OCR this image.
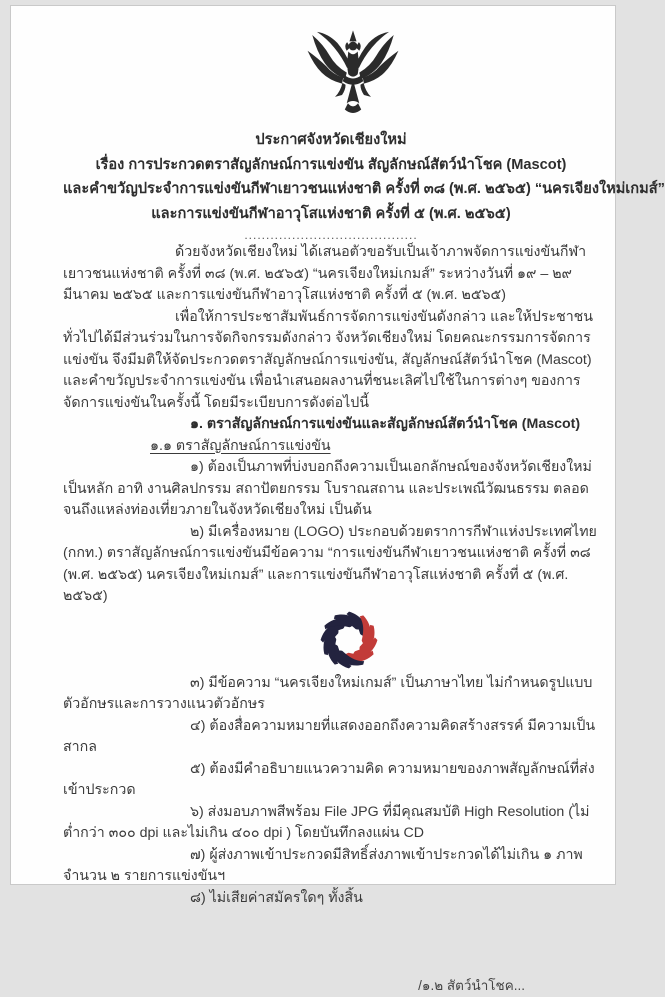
ประกาศจังหวัดเชียงใหม่
เรื่อง การประกวดตราสัญลักษณ์การแข่งขัน สัญลักษณ์สัตว์นำโชค (Mascot)
และคำขวัญประจำการแข่งขันกีฬาเยาวชนแห่งชาติ ครั้งที่ ๓๘ (พ.ศ. ๒๕๖๕) “นครเจียงใหม่เกมส์”
และการแข่งขันกีฬาอาวุโสแห่งชาติ ครั้งที่ ๕ (พ.ศ. ๒๕๖๕)
........................................

ด้วยจังหวัดเชียงใหม่ ได้เสนอตัวขอรับเป็นเจ้าภาพจัดการแข่งขันกีฬาเยาวชนแห่งชาติ ครั้งที่ ๓๘ (พ.ศ. ๒๕๖๕) “นครเจียงใหม่เกมส์” ระหว่างวันที่ ๑๙ – ๒๙ มีนาคม ๒๕๖๕ และการแข่งขันกีฬาอาวุโสแห่งชาติ ครั้งที่ ๕ (พ.ศ. ๒๕๖๕)

เพื่อให้การประชาสัมพันธ์การจัดการแข่งขันดังกล่าว และให้ประชาชนทั่วไปได้มีส่วนร่วมในการจัดกิจกรรมดังกล่าว จังหวัดเชียงใหม่ โดยคณะกรรมการจัดการแข่งขัน จึงมีมติให้จัดประกวดตราสัญลักษณ์การแข่งขัน, สัญลักษณ์สัตว์นำโชค (Mascot) และคำขวัญประจำการแข่งขัน เพื่อนำเสนอผลงานที่ชนะเลิศไปใช้ในการต่างๆ ของการจัดการแข่งขันในครั้งนี้ โดยมีระเบียบการดังต่อไปนี้

๑. ตราสัญลักษณ์การแข่งขันและสัญลักษณ์สัตว์นำโชค (Mascot)

๑.๑ ตราสัญลักษณ์การแข่งขัน

๑) ต้องเป็นภาพที่บ่งบอกถึงความเป็นเอกลักษณ์ของจังหวัดเชียงใหม่เป็นหลัก อาทิ งานศิลปกรรม สถาปัตยกรรม โบราณสถาน และประเพณีวัฒนธรรม ตลอดจนถึงแหล่งท่องเที่ยวภายในจังหวัดเชียงใหม่ เป็นต้น

๒) มีเครื่องหมาย (LOGO) ประกอบด้วยตราการกีฬาแห่งประเทศไทย (กกท.) ตราสัญลักษณ์การแข่งขันมีข้อความ “การแข่งขันกีฬาเยาวชนแห่งชาติ ครั้งที่ ๓๘ (พ.ศ. ๒๕๖๕) นครเจียงใหม่เกมส์” และการแข่งขันกีฬาอาวุโสแห่งชาติ ครั้งที่ ๕ (พ.ศ. ๒๕๖๕)

๓) มีข้อความ “นครเจียงใหม่เกมส์” เป็นภาษาไทย ไม่กำหนดรูปแบบตัวอักษรและการวางแนวตัวอักษร

๔) ต้องสื่อความหมายที่แสดงออกถึงความคิดสร้างสรรค์ มีความเป็นสากล

๕) ต้องมีคำอธิบายแนวความคิด ความหมายของภาพสัญลักษณ์ที่ส่งเข้าประกวด

๖) ส่งมอบภาพสีพร้อม File JPG ที่มีคุณสมบัติ High Resolution (ไม่ต่ำกว่า ๓๐๐ dpi และไม่เกิน ๔๐๐ dpi ) โดยบันทึกลงแผ่น CD

๗) ผู้ส่งภาพเข้าประกวดมีสิทธิ์ส่งภาพเข้าประกวดได้ไม่เกิน ๑ ภาพ จำนวน ๒ รายการแข่งขันฯ

๘) ไม่เสียค่าสมัครใดๆ ทั้งสิ้น

/๑.๒ สัตว์นำโชค...
